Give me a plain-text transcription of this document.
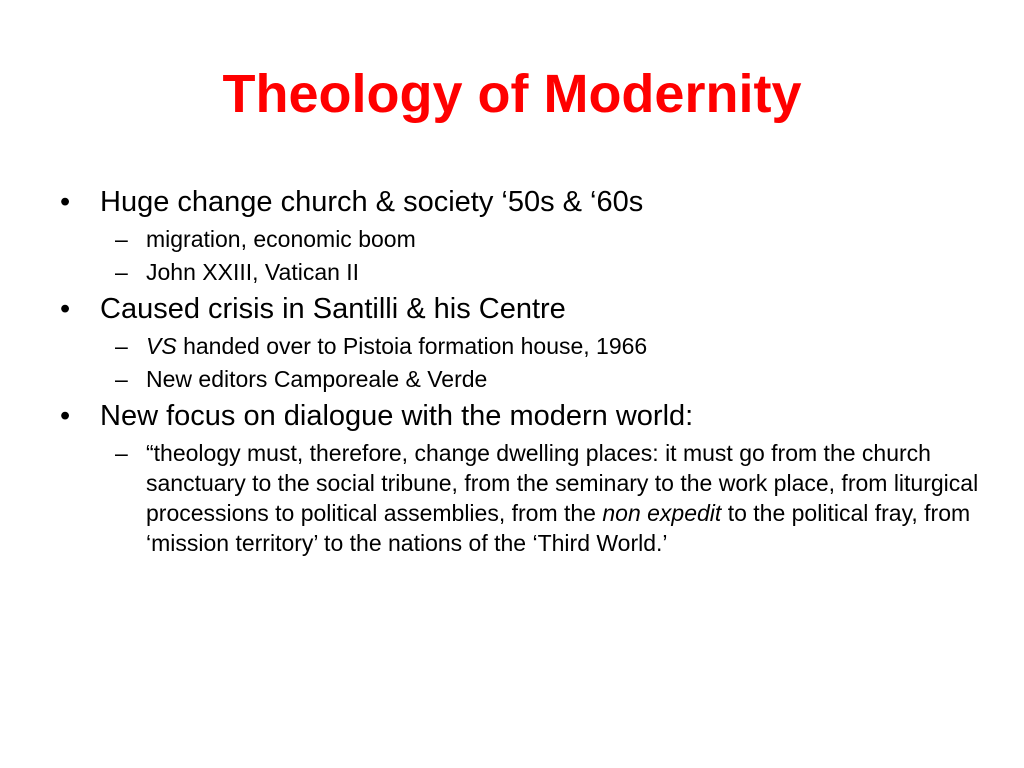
Theology of Modernity
•	Huge change church & society ‘50s & ‘60s
– migration, economic boom
– John XXIII, Vatican II
•	Caused crisis in Santilli & his Centre
– VS handed over to Pistoia formation house, 1966
– New editors Camporeale & Verde
•	New focus on dialogue with the modern world:
– “theology must, therefore, change dwelling places: it must go from the church sanctuary to the social tribune, from the seminary to the work place, from liturgical processions to political assemblies, from the non expedit to the political fray, from ‘mission territory’ to the nations of the ‘Third World.’
